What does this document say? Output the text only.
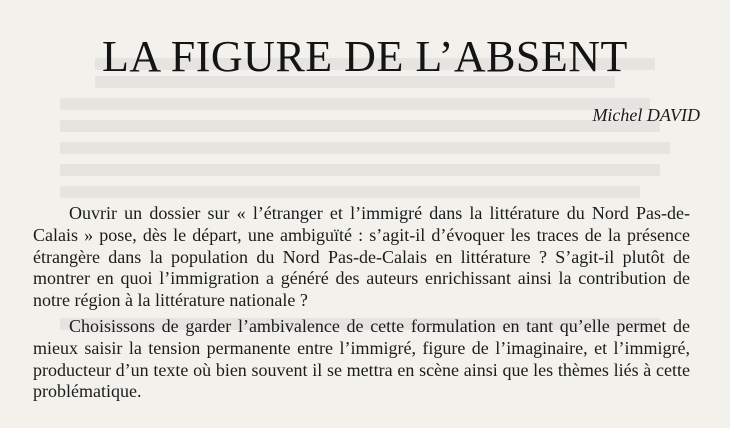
LA FIGURE DE L’ABSENT
Michel DAVID

Ouvrir un dossier sur « l’étranger et l’immigré dans la littérature du Nord Pas-de-Calais » pose, dès le départ, une ambiguïté : s’agit-il d’évoquer les traces de la présence étrangère dans la population du Nord Pas-de-Calais en littérature ? S’agit-il plutôt de montrer en quoi l’immigration a généré des auteurs enrichissant ainsi la contribution de notre région à la littérature nationale ?

Choisissons de garder l’ambivalence de cette formulation en tant qu’elle permet de mieux saisir la tension permanente entre l’immigré, figure de l’imaginaire, et l’immigré, producteur d’un texte où bien souvent il se mettra en scène ainsi que les thèmes liés à cette problématique.
